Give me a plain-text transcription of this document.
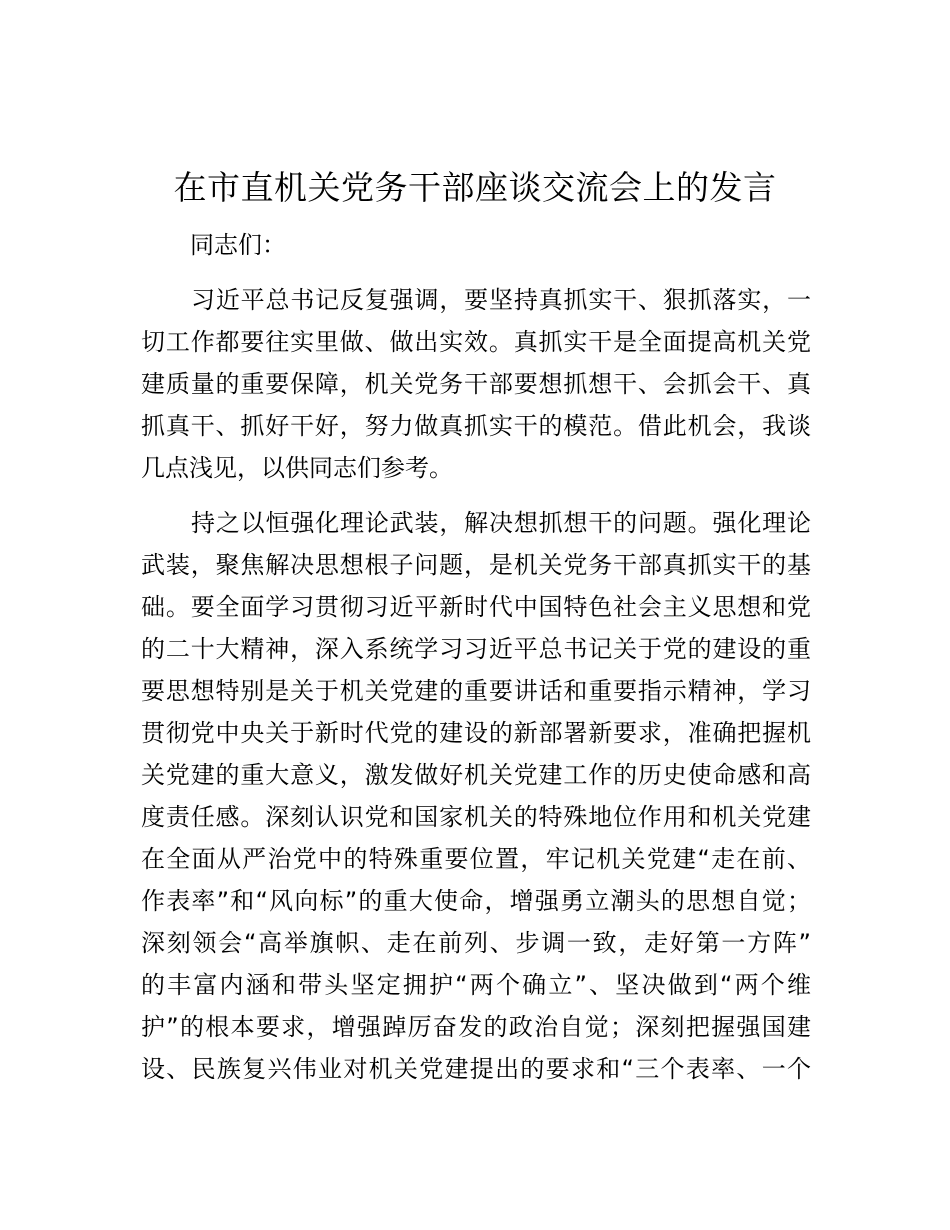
在市直机关党务干部座谈交流会上的发言
同志们：
习近平总书记反复强调，要坚持真抓实干、狠抓落实，一
切工作都要往实里做、做出实效。真抓实干是全面提高机关党
建质量的重要保障，机关党务干部要想抓想干、会抓会干、真
抓真干、抓好干好，努力做真抓实干的模范。借此机会，我谈
几点浅见，以供同志们参考。
持之以恒强化理论武装，解决想抓想干的问题。强化理论
武装，聚焦解决思想根子问题，是机关党务干部真抓实干的基
础。要全面学习贯彻习近平新时代中国特色社会主义思想和党
的二十大精神，深入系统学习习近平总书记关于党的建设的重
要思想特别是关于机关党建的重要讲话和重要指示精神，学习
贯彻党中央关于新时代党的建设的新部署新要求，准确把握机
关党建的重大意义，激发做好机关党建工作的历史使命感和高
度责任感。深刻认识党和国家机关的特殊地位作用和机关党建
在全面从严治党中的特殊重要位置，牢记机关党建“走在前、
作表率”和“风向标”的重大使命，增强勇立潮头的思想自觉；
深刻领会“高举旗帜、走在前列、步调一致，走好第一方阵”
的丰富内涵和带头坚定拥护“两个确立”、坚决做到“两个维
护”的根本要求，增强踔厉奋发的政治自觉；深刻把握强国建
设、民族复兴伟业对机关党建提出的要求和“三个表率、一个
